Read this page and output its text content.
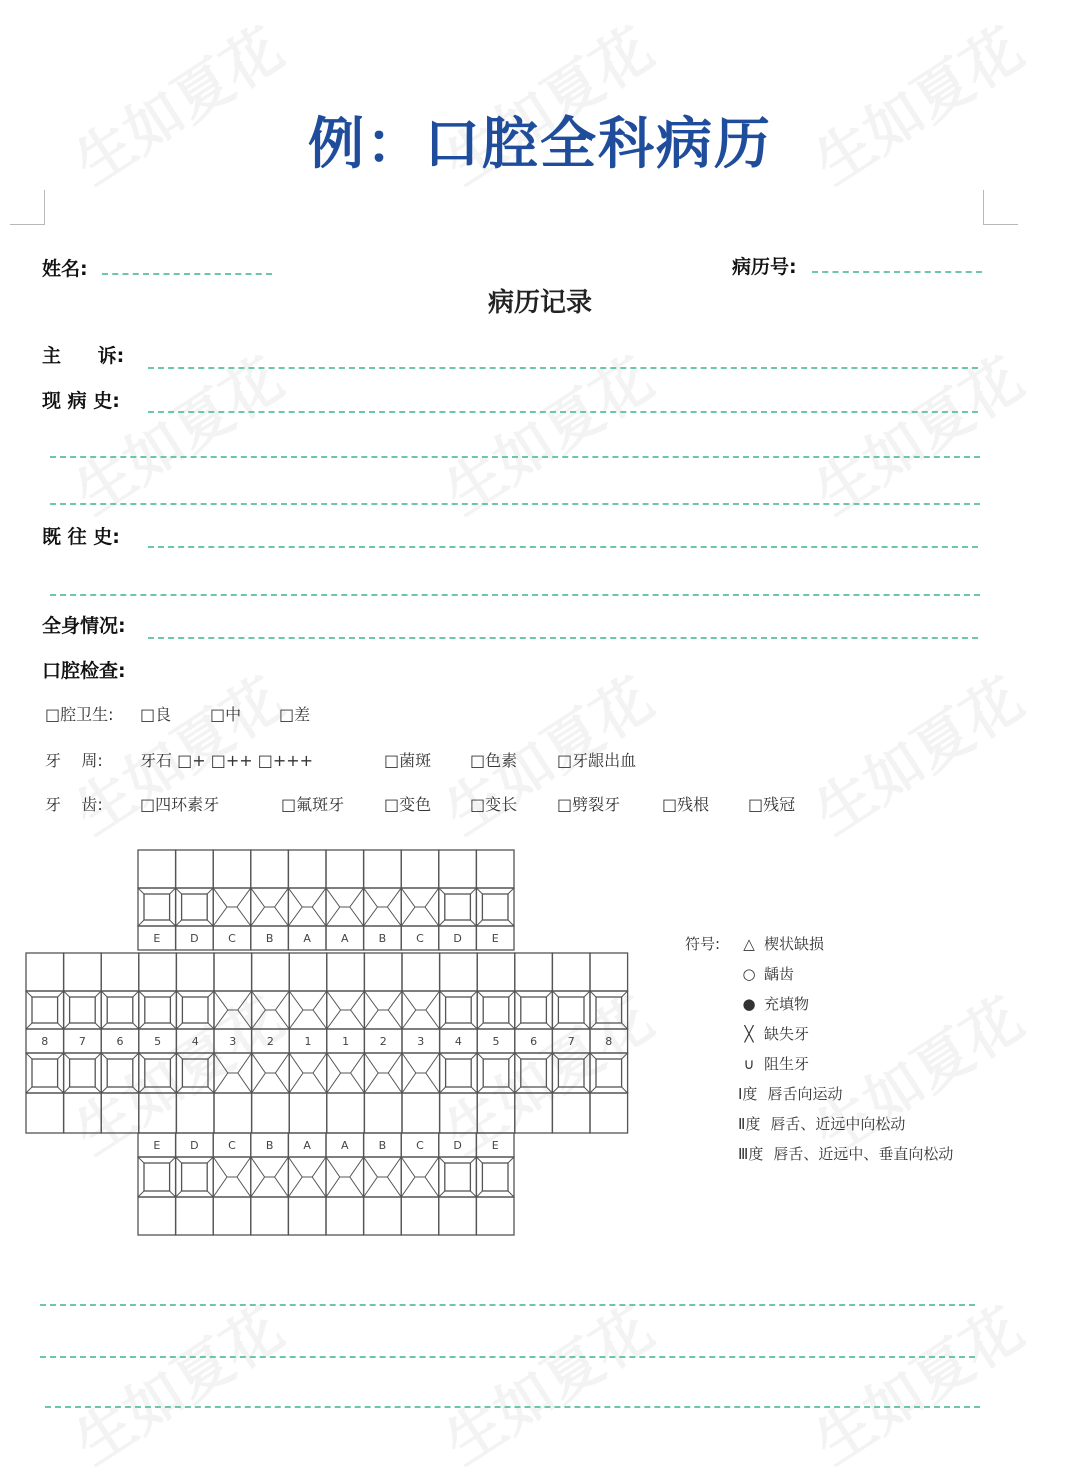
例：口腔全科病历
姓名:	病历号:
病历记录
主 诉:
现 病 史:
既 往 史:
全身情况:
口腔检查:
□腔卫生: □良 □中 □差
牙    周: 牙石 □+ □++ □+++	□菌斑 □色素 □牙龈出血
牙    齿: □四环素牙	□氟斑牙 □变色 □变长 □劈裂牙	□残根 □残冠
E	D	C	B	A	A	B	C	D	E
8	7	6	5	4	3	2	1	1	2	3	4	5	6	7	8
E	D	C	B	A	A	B	C	D	E
符号:	△ 楔状缺损
○ 龋齿
● 充填物
╳ 缺失牙
∪ 阻生牙
Ⅰ度 唇舌向运动
Ⅱ度 唇舌、近远中向松动
Ⅲ度 唇舌、近远中、垂直向松动
